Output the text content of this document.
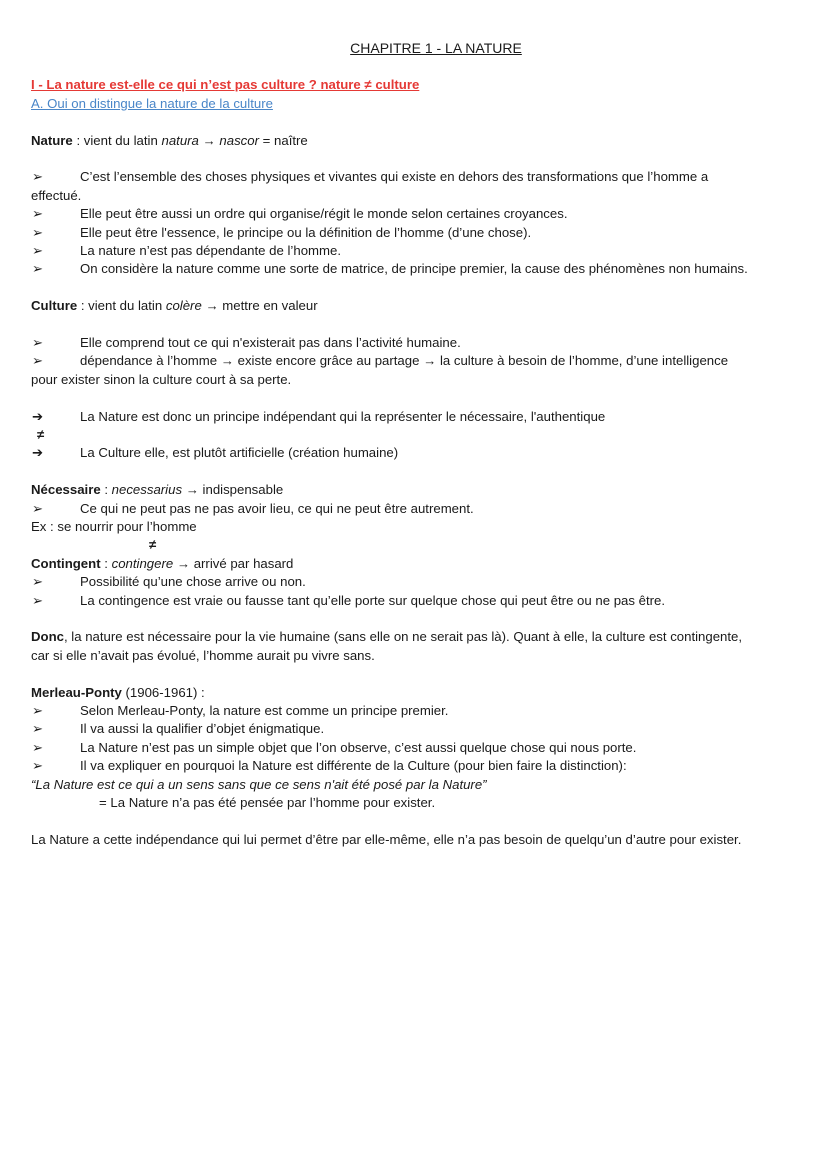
CHAPITRE 1 - LA NATURE
I - La nature est-elle ce qui n’est pas culture ? nature ≠ culture
A. Oui on distingue la nature de la culture
Nature : vient du latin natura → nascor = naître
➢	C’est l’ensemble des choses physiques et vivantes qui existe en dehors des transformations que l’homme a
effectué.
➢	Elle peut être aussi un ordre qui organise/régit le monde selon certaines croyances.
➢	Elle peut être l'essence, le principe ou la définition de l’homme (d’une chose).
➢	La nature n’est pas dépendante de l’homme.
➢	On considère la nature comme une sorte de matrice, de principe premier, la cause des phénomènes non humains.
Culture : vient du latin colère → mettre en valeur
➢	Elle comprend tout ce qui n'existerait pas dans l’activité humaine.
➢	dépendance à l’homme → existe encore grâce au partage → la culture à besoin de l’homme, d’une intelligence
pour exister sinon la culture court à sa perte.
➔	La Nature est donc un principe indépendant qui la représenter le nécessaire, l'authentique
≠
➔	La Culture elle, est plutôt artificielle (création humaine)
Nécessaire : necessarius → indispensable
➢	Ce qui ne peut pas ne pas avoir lieu, ce qui ne peut être autrement.
Ex : se nourrir pour l’homme
≠
Contingent : contingere → arrivé par hasard
➢	Possibilité qu’une chose arrive ou non.
➢	La contingence est vraie ou fausse tant qu’elle porte sur quelque chose qui peut être ou ne pas être.
Donc, la nature est nécessaire pour la vie humaine (sans elle on ne serait pas là). Quant à elle, la culture est contingente,
car si elle n’avait pas évolué, l’homme aurait pu vivre sans.
Merleau-Ponty (1906-1961) :
➢	Selon Merleau-Ponty, la nature est comme un principe premier.
➢	Il va aussi la qualifier d’objet énigmatique.
➢	La Nature n’est pas un simple objet que l’on observe, c’est aussi quelque chose qui nous porte.
➢	Il va expliquer en pourquoi la Nature est différente de la Culture (pour bien faire la distinction):
“La Nature est ce qui a un sens sans que ce sens n'ait été posé par la Nature”
= La Nature n’a pas été pensée par l’homme pour exister.
La Nature a cette indépendance qui lui permet d’être par elle-même, elle n’a pas besoin de quelqu’un d’autre pour exister.
